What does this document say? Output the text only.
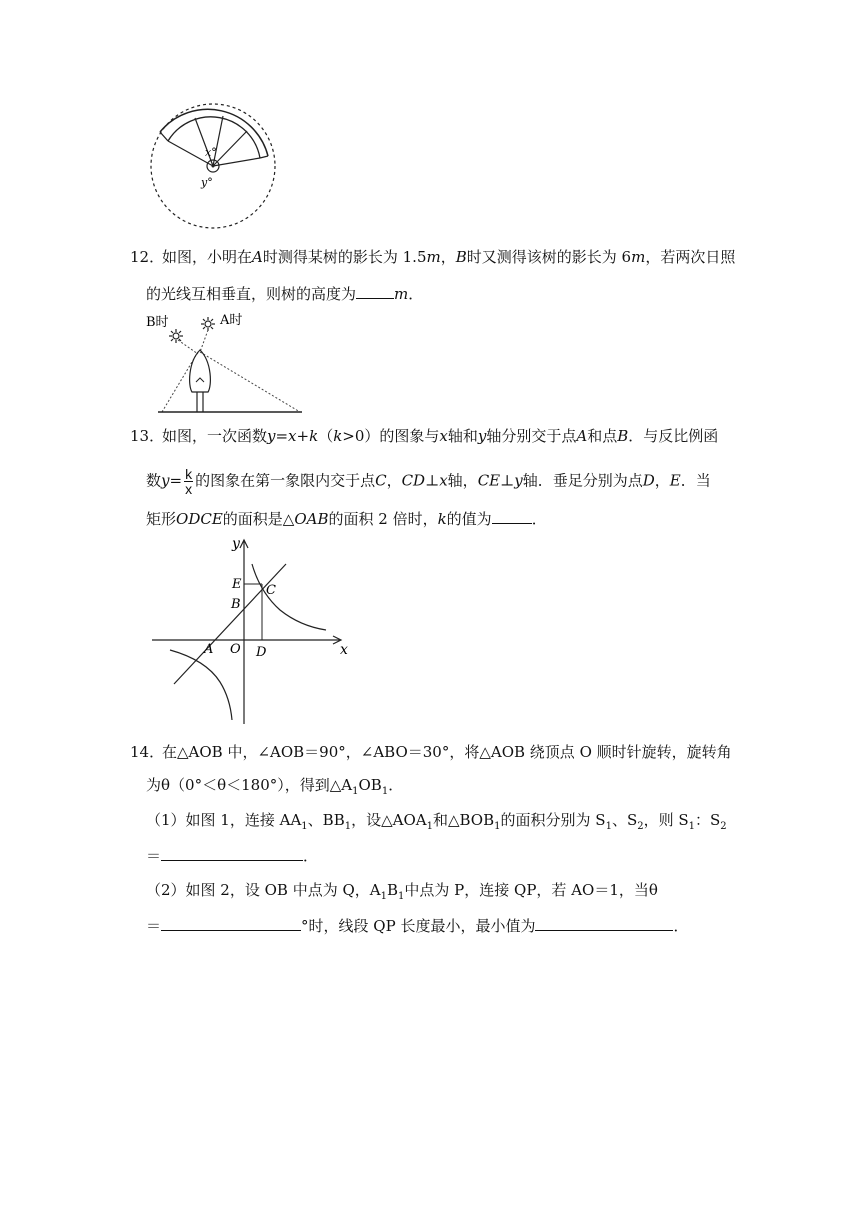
x°
y°
12．
如图，小明在A时测得某树的影长为 1.5m，B时又测得该树的影长为 6m，若两次日照
的光线互相垂直，则树的高度为	m．
B时	A时
13．
如图，一次函数y=x+k（k>0）的图象与x轴和y轴分别交于点A和点B．与反比例函
数$y= \frac{k}{x}$ 的图象在第一象限内交于点C，CD⊥x轴，CE⊥y轴．垂足分别为点D，E．当
矩形ODCE的面积是△OAB的面积 2 倍时，k的值为	．
y
x
E
B
C
A O D
14．
在△AOB 中，∠AOB＝90°，∠ABO＝30°，将△AOB 绕顶点 O 顺时针旋转，旋转角
为θ（0°＜θ＜180°），得到$\triangle A_1OB_1$．
（1）如图 1，连接 $AA_1$、$BB_1$，设$\triangle AOA_1$和$\triangle BOB_1$的面积分别为 $S_1$、$S_2$，则 $S_1$：$S_2$
＝	．
（2）如图 2，设 OB 中点为 Q，$A_1B_1$中点为 P，连接 QP，若 AO＝1，当θ
＝	°时，线段 QP 长度最小，最小值为	．
